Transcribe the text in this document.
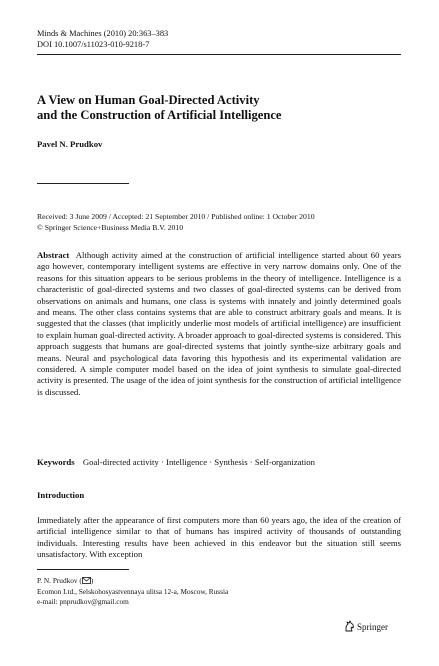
Minds & Machines (2010) 20:363–383
DOI 10.1007/s11023-010-9218-7
A View on Human Goal-Directed Activity
and the Construction of Artificial Intelligence
Pavel N. Prudkov
Received: 3 June 2009 / Accepted: 21 September 2010 / Published online: 1 October 2010
© Springer Science+Business Media B.V. 2010
Abstract Although activity aimed at the construction of artificial intelligence started about 60 years ago however, contemporary intelligent systems are effective in very narrow domains only. One of the reasons for this situation appears to be serious problems in the theory of intelligence. Intelligence is a characteristic of goal-directed systems and two classes of goal-directed systems can be derived from observations on animals and humans, one class is systems with innately and jointly determined goals and means. The other class contains systems that are able to construct arbitrary goals and means. It is suggested that the classes (that implicitly underlie most models of artificial intelligence) are insufficient to explain human goal-directed activity. A broader approach to goal-directed systems is considered. This approach suggests that humans are goal-directed systems that jointly synthe-size arbitrary goals and means. Neural and psychological data favoring this hypothesis and its experimental validation are considered. A simple computer model based on the idea of joint synthesis to simulate goal-directed activity is presented. The usage of the idea of joint synthesis for the construction of artificial intelligence is discussed.
Keywords Goal-directed activity · Intelligence · Synthesis · Self-organization
Introduction
Immediately after the appearance of first computers more than 60 years ago, the idea of the creation of artificial intelligence similar to that of humans has inspired activity of thousands of outstanding individuals. Interesting results have been achieved in this endeavor but the situation still seems unsatisfactory. With exception
P. N. Prudkov ( )
Ecomon Ltd., Selskohosyastvennaya ulitsa 12-a, Moscow, Russia
e-mail: pnprudkov@gmail.com
Springer
